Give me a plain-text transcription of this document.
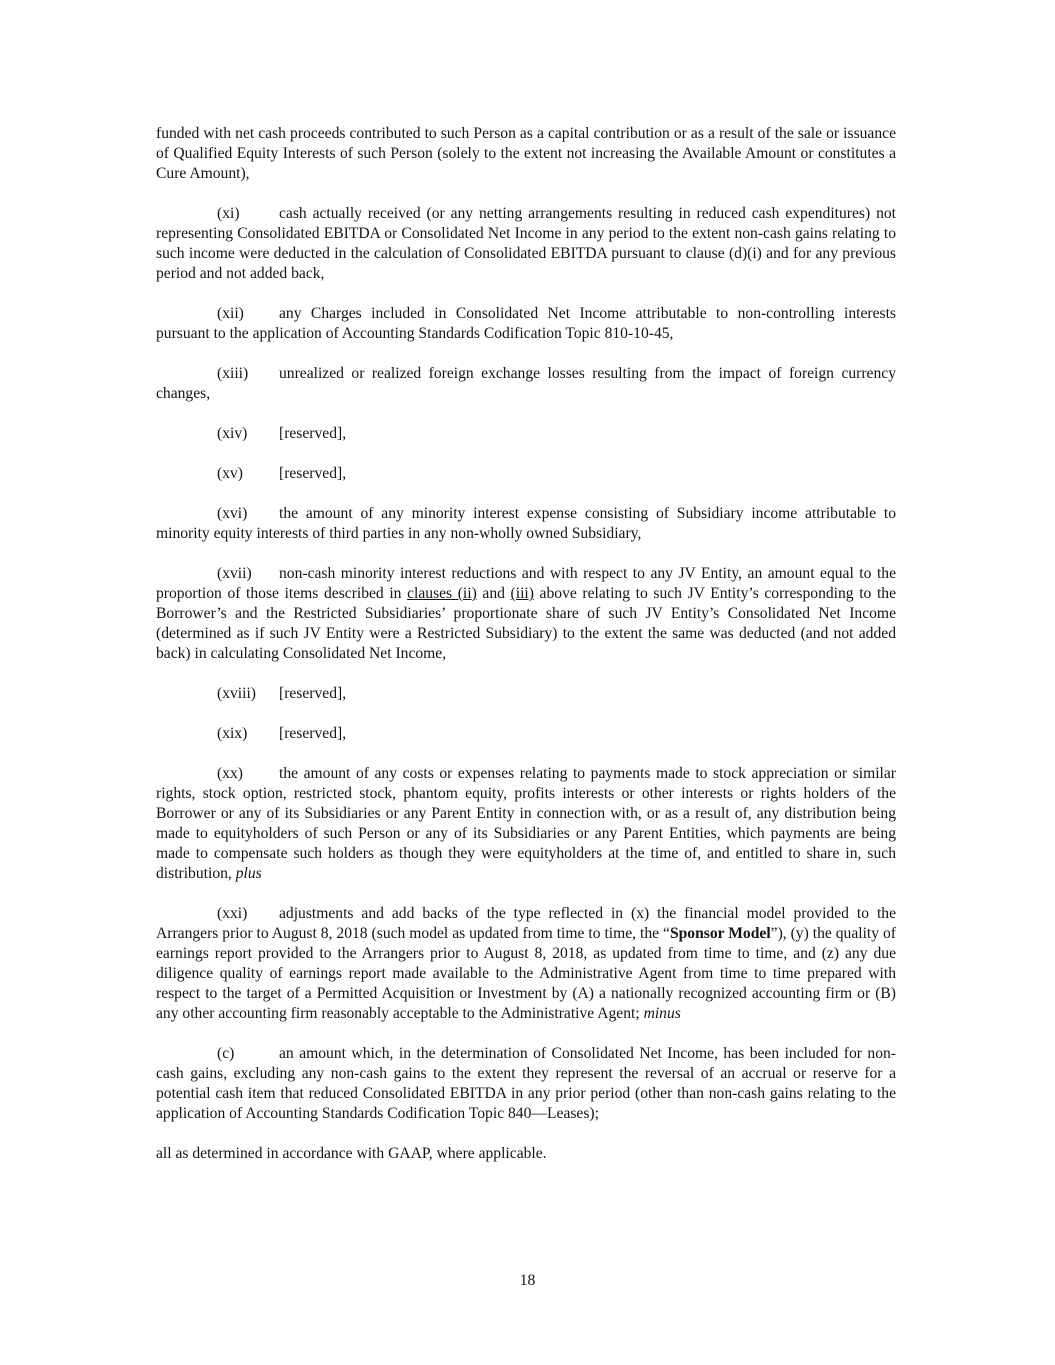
funded with net cash proceeds contributed to such Person as a capital contribution or as a result of the sale or issuance of Qualified Equity Interests of such Person (solely to the extent not increasing the Available Amount or constitutes a Cure Amount),

(xi)	cash actually received (or any netting arrangements resulting in reduced cash expenditures) not representing Consolidated EBITDA or Consolidated Net Income in any period to the extent non-cash gains relating to such income were deducted in the calculation of Consolidated EBITDA pursuant to clause (d)(i) and for any previous period and not added back,

(xii) any Charges included in Consolidated Net Income attributable to non-controlling interests pursuant to the application of Accounting Standards Codification Topic 810-10-45,

(xiii) unrealized or realized foreign exchange losses resulting from the impact of foreign currency changes,

(xiv) [reserved],

(xv) [reserved],

(xvi) the amount of any minority interest expense consisting of Subsidiary income attributable to minority equity interests of third parties in any non-wholly owned Subsidiary,

(xvii) non-cash minority interest reductions and with respect to any JV Entity, an amount equal to the proportion of those items described in clauses (ii) and (iii) above relating to such JV Entity’s corresponding to the Borrower’s and the Restricted Subsidiaries’ proportionate share of such JV Entity’s Consolidated Net Income (determined as if such JV Entity were a Restricted Subsidiary) to the extent the same was deducted (and not added back) in calculating Consolidated Net Income,

(xviii) [reserved],

(xix) [reserved],

(xx) the amount of any costs or expenses relating to payments made to stock appreciation or similar rights, stock option, restricted stock, phantom equity, profits interests or other interests or rights holders of the Borrower or any of its Subsidiaries or any Parent Entity in connection with, or as a result of, any distribution being made to equityholders of such Person or any of its Subsidiaries or any Parent Entities, which payments are being made to compensate such holders as though they were equityholders at the time of, and entitled to share in, such distribution, plus

(xxi) adjustments and add backs of the type reflected in (x) the financial model provided to the Arrangers prior to August 8, 2018 (such model as updated from time to time, the “Sponsor Model”), (y) the quality of earnings report provided to the Arrangers prior to August 8, 2018, as updated from time to time, and (z) any due diligence quality of earnings report made available to the Administrative Agent from time to time prepared with respect to the target of a Permitted Acquisition or Investment by (A) a nationally recognized accounting firm or (B) any other accounting firm reasonably acceptable to the Administrative Agent; minus

(c)	an amount which, in the determination of Consolidated Net Income, has been included for non-cash gains, excluding any non-cash gains to the extent they represent the reversal of an accrual or reserve for a potential cash item that reduced Consolidated EBITDA in any prior period (other than non-cash gains relating to the application of Accounting Standards Codification Topic 840—Leases);

all as determined in accordance with GAAP, where applicable.

18
